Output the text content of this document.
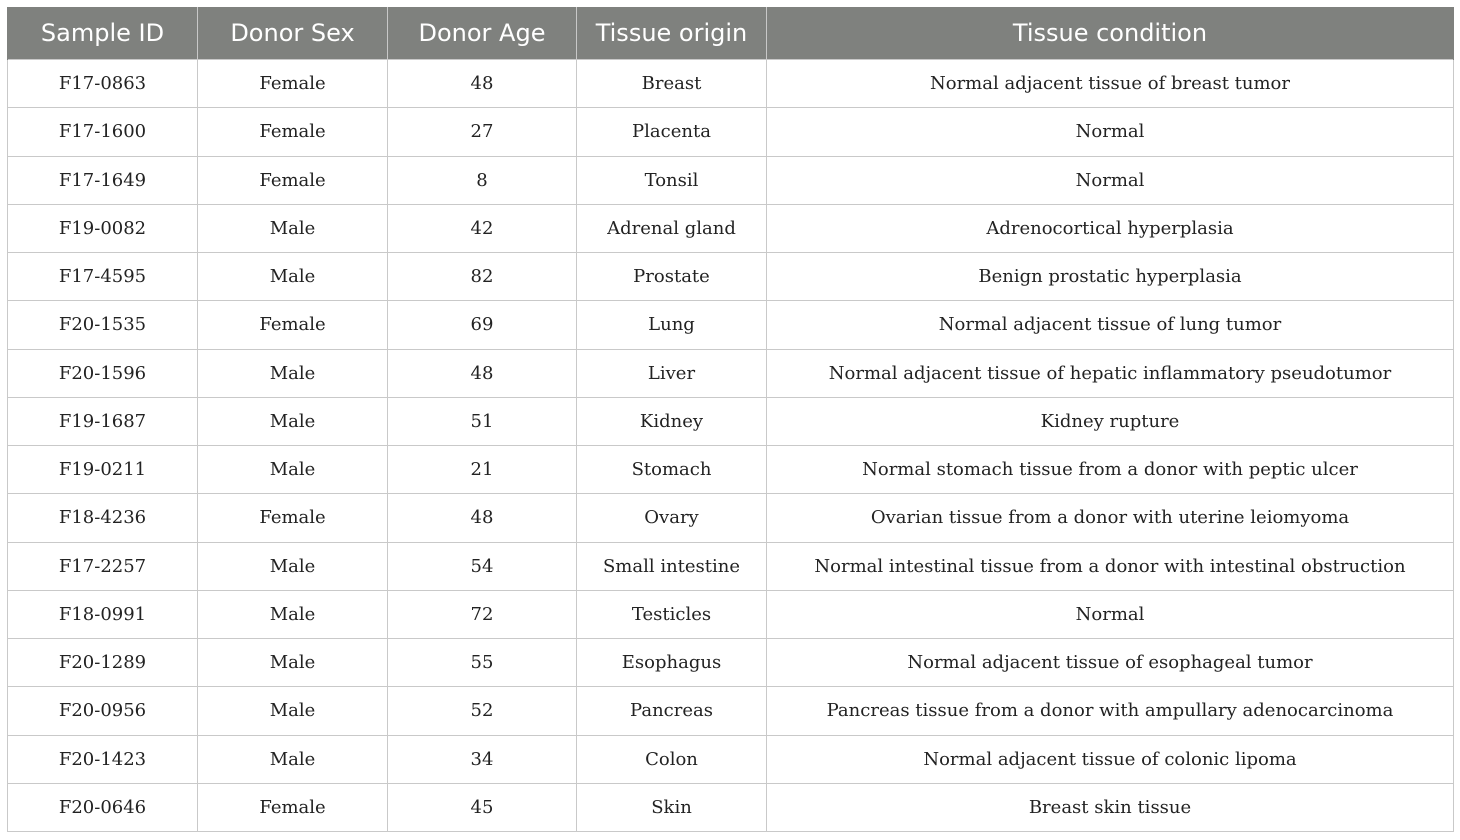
Sample ID	Donor Sex	Donor Age	Tissue origin	Tissue condition
F17-0863	Female	48	Breast	Normal adjacent tissue of breast tumor
F17-1600	Female	27	Placenta	Normal
F17-1649	Female	8	Tonsil	Normal
F19-0082	Male	42	Adrenal gland	Adrenocortical hyperplasia
F17-4595	Male	82	Prostate	Benign prostatic hyperplasia
F20-1535	Female	69	Lung	Normal adjacent tissue of lung tumor
F20-1596	Male	48	Liver	Normal adjacent tissue of hepatic inflammatory pseudotumor
F19-1687	Male	51	Kidney	Kidney rupture
F19-0211	Male	21	Stomach	Normal stomach tissue from a donor with peptic ulcer
F18-4236	Female	48	Ovary	Ovarian tissue from a donor with uterine leiomyoma
F17-2257	Male	54	Small intestine	Normal intestinal tissue from a donor with intestinal obstruction
F18-0991	Male	72	Testicles	Normal
F20-1289	Male	55	Esophagus	Normal adjacent tissue of esophageal tumor
F20-0956	Male	52	Pancreas	Pancreas tissue from a donor with ampullary adenocarcinoma
F20-1423	Male	34	Colon	Normal adjacent tissue of colonic lipoma
F20-0646	Female	45	Skin	Breast skin tissue
